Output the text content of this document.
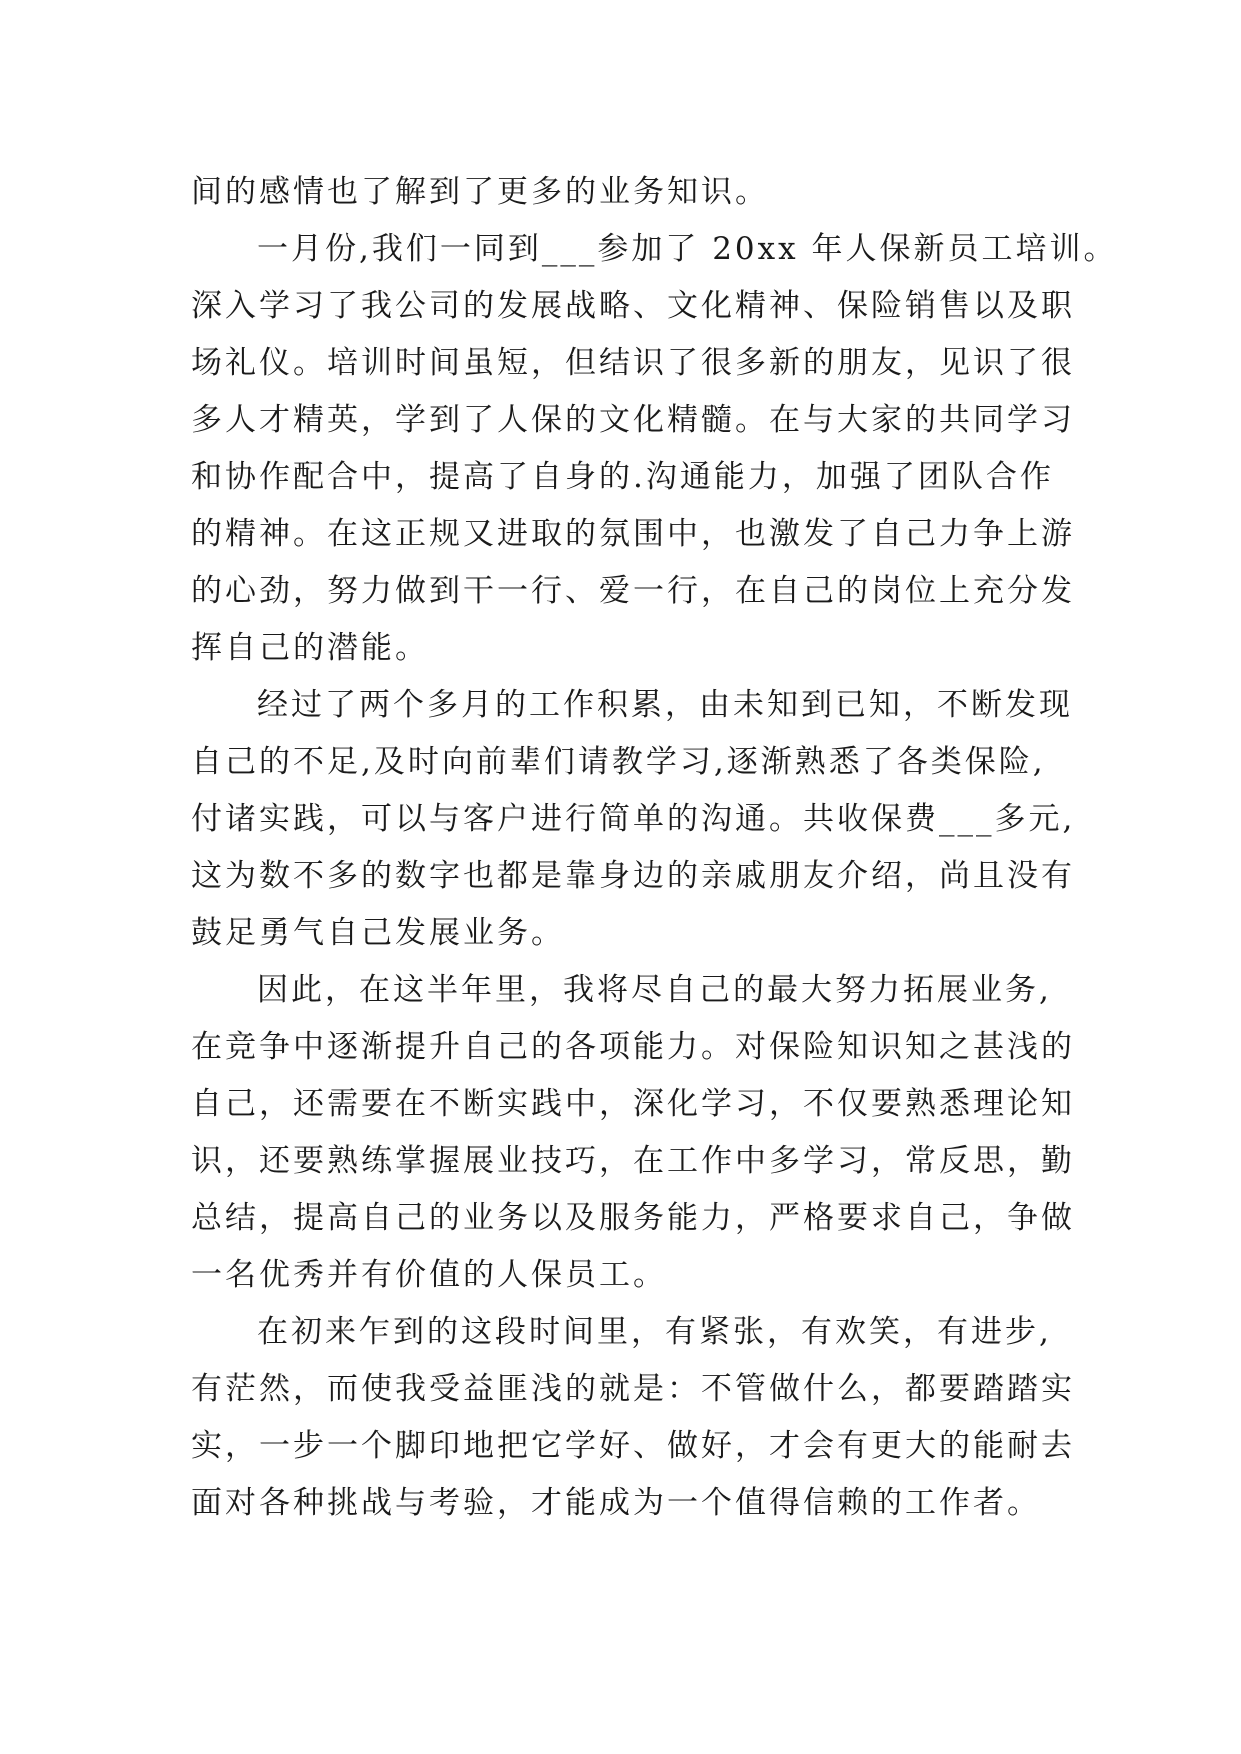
间的感情也了解到了更多的业务知识。
一月份,我们一同到___参加了 20xx 年人保新员工培训。
深入学习了我公司的发展战略、文化精神、保险销售以及职
场礼仪。培训时间虽短，但结识了很多新的朋友，见识了很
多人才精英，学到了人保的文化精髓。在与大家的共同学习
和协作配合中，提高了自身的.沟通能力，加强了团队合作
的精神。在这正规又进取的氛围中，也激发了自己力争上游
的心劲，努力做到干一行、爱一行，在自己的岗位上充分发
挥自己的潜能。
经过了两个多月的工作积累，由未知到已知，不断发现
自己的不足,及时向前辈们请教学习,逐渐熟悉了各类保险,
付诸实践，可以与客户进行简单的沟通。共收保费___多元,
这为数不多的数字也都是靠身边的亲戚朋友介绍，尚且没有
鼓足勇气自己发展业务。
因此，在这半年里，我将尽自己的最大努力拓展业务,
在竞争中逐渐提升自己的各项能力。对保险知识知之甚浅的
自己，还需要在不断实践中，深化学习，不仅要熟悉理论知
识，还要熟练掌握展业技巧，在工作中多学习，常反思，勤
总结，提高自己的业务以及服务能力，严格要求自己，争做
一名优秀并有价值的人保员工。
在初来乍到的这段时间里，有紧张，有欢笑，有进步,
有茫然，而使我受益匪浅的就是：不管做什么，都要踏踏实
实，一步一个脚印地把它学好、做好，才会有更大的能耐去
面对各种挑战与考验，才能成为一个值得信赖的工作者。
